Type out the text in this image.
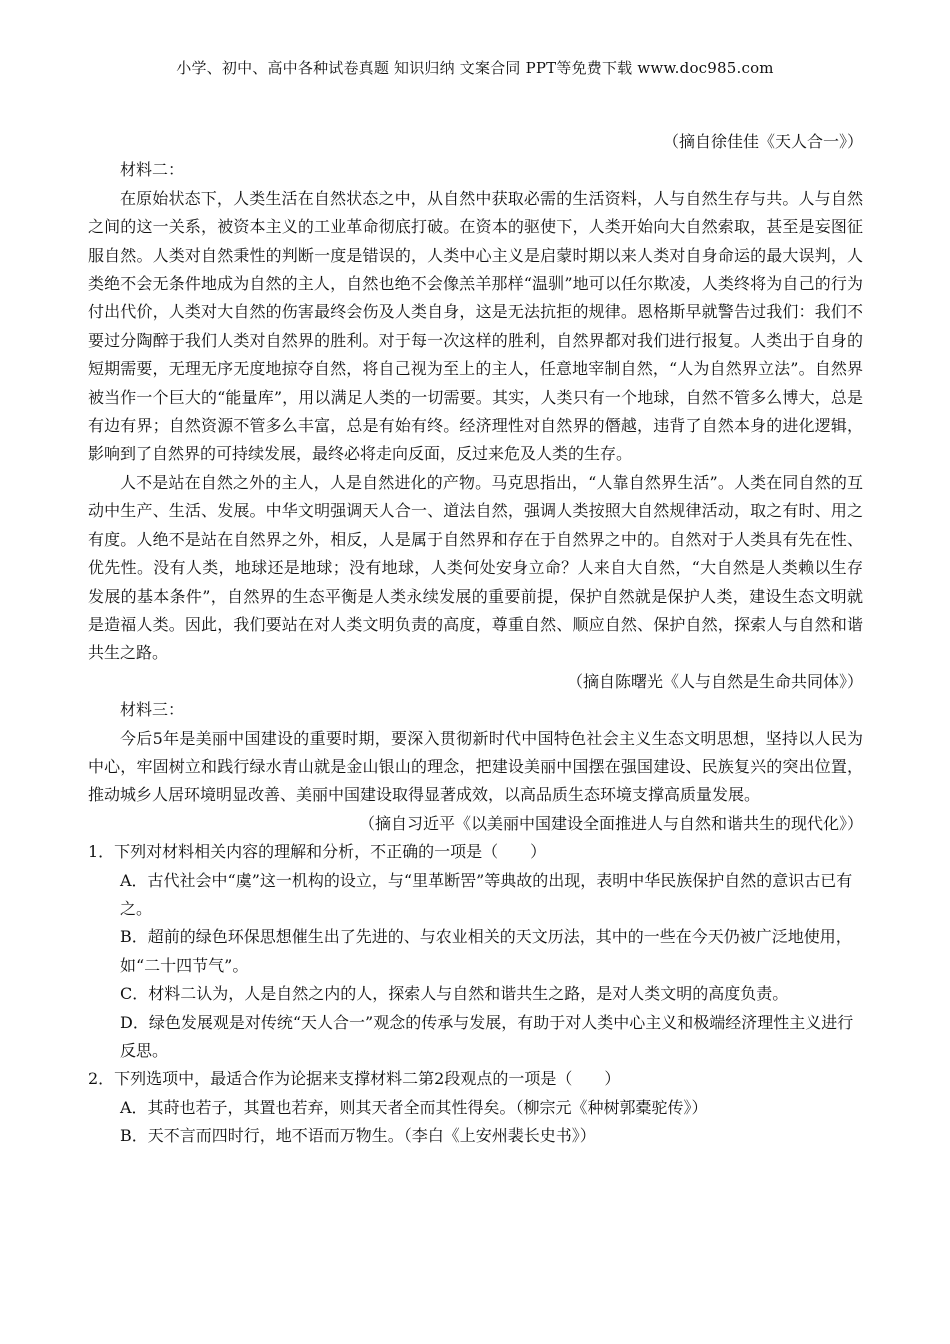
小学、初中、高中各种试卷真题 知识归纳 文案合同 PPT等免费下载 www.doc985.com

（摘自徐佳佳《天人合一》）

材料二：

在原始状态下，人类生活在自然状态之中，从自然中获取必需的生活资料，人与自然生存与共。人与自然之间的这一关系，被资本主义的工业革命彻底打破。在资本的驱使下，人类开始向大自然索取，甚至是妄图征服自然。人类对自然秉性的判断一度是错误的，人类中心主义是启蒙时期以来人类对自身命运的最大误判，人类绝不会无条件地成为自然的主人，自然也绝不会像羔羊那样“温驯”地可以任尔欺凌，人类终将为自己的行为付出代价，人类对大自然的伤害最终会伤及人类自身，这是无法抗拒的规律。恩格斯早就警告过我们：我们不要过分陶醉于我们人类对自然界的胜利。对于每一次这样的胜利，自然界都对我们进行报复。人类出于自身的短期需要，无理无序无度地掠夺自然，将自己视为至上的主人，任意地宰制自然，“人为自然界立法”。自然界被当作一个巨大的“能量库”，用以满足人类的一切需要。其实，人类只有一个地球，自然不管多么博大，总是有边有界；自然资源不管多么丰富，总是有始有终。经济理性对自然界的僭越，违背了自然本身的进化逻辑，影响到了自然界的可持续发展，最终必将走向反面，反过来危及人类的生存。

人不是站在自然之外的主人，人是自然进化的产物。马克思指出，“人靠自然界生活”。人类在同自然的互动中生产、生活、发展。中华文明强调天人合一、道法自然，强调人类按照大自然规律活动，取之有时、用之有度。人绝不是站在自然界之外，相反，人是属于自然界和存在于自然界之中的。自然对于人类具有先在性、优先性。没有人类，地球还是地球；没有地球，人类何处安身立命？人来自大自然，“大自然是人类赖以生存发展的基本条件”，自然界的生态平衡是人类永续发展的重要前提，保护自然就是保护人类，建设生态文明就是造福人类。因此，我们要站在对人类文明负责的高度，尊重自然、顺应自然、保护自然，探索人与自然和谐共生之路。

（摘自陈曙光《人与自然是生命共同体》）

材料三：

今后5年是美丽中国建设的重要时期，要深入贯彻新时代中国特色社会主义生态文明思想，坚持以人民为中心，牢固树立和践行绿水青山就是金山银山的理念，把建设美丽中国摆在强国建设、民族复兴的突出位置，推动城乡人居环境明显改善、美丽中国建设取得显著成效，以高品质生态环境支撑高质量发展。

（摘自习近平《以美丽中国建设全面推进人与自然和谐共生的现代化》）

1．下列对材料相关内容的理解和分析，不正确的一项是（　　）

A．古代社会中“虞”这一机构的设立，与“里革断罟”等典故的出现，表明中华民族保护自然的意识古已有之。

B．超前的绿色环保思想催生出了先进的、与农业相关的天文历法，其中的一些在今天仍被广泛地使用，如“二十四节气”。

C．材料二认为，人是自然之内的人，探索人与自然和谐共生之路，是对人类文明的高度负责。

D．绿色发展观是对传统“天人合一”观念的传承与发展，有助于对人类中心主义和极端经济理性主义进行反思。

2．下列选项中，最适合作为论据来支撑材料二第2段观点的一项是（　　）

A．其莳也若子，其置也若弃，则其天者全而其性得矣。（柳宗元《种树郭橐驼传》）

B．天不言而四时行，地不语而万物生。（李白《上安州裴长史书》）
